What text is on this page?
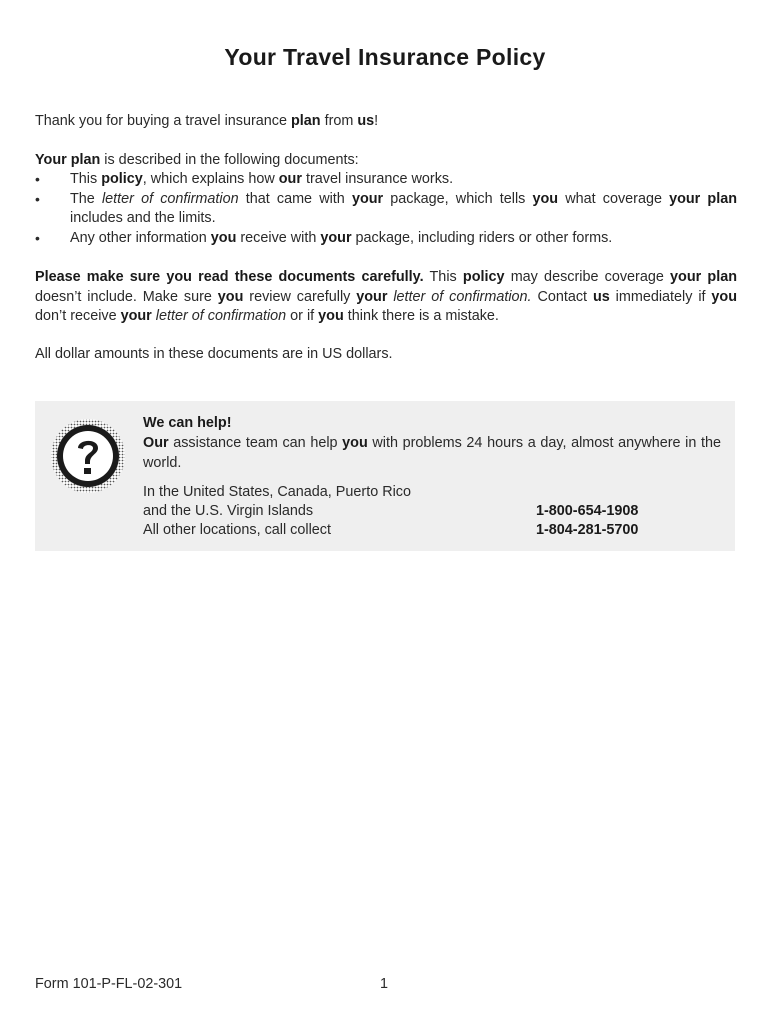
Your Travel Insurance Policy

Thank you for buying a travel insurance plan from us!

Your plan is described in the following documents:

• This policy, which explains how our travel insurance works.
• The letter of confirmation that came with your package, which tells you what coverage your plan includes and the limits.
• Any other information you receive with your package, including riders or other forms.

Please make sure you read these documents carefully. This policy may describe coverage your plan doesn’t include. Make sure you review carefully your letter of confirmation. Contact us immediately if you don’t receive your letter of confirmation or if you think there is a mistake.

All dollar amounts in these documents are in US dollars.

We can help!

Our assistance team can help you with problems 24 hours a day, almost anywhere in the world.

In the United States, Canada, Puerto Rico
and the U.S. Virgin Islands	1-800-654-1908
All other locations, call collect	1-804-281-5700
Form 101-P-FL-02-301	1
